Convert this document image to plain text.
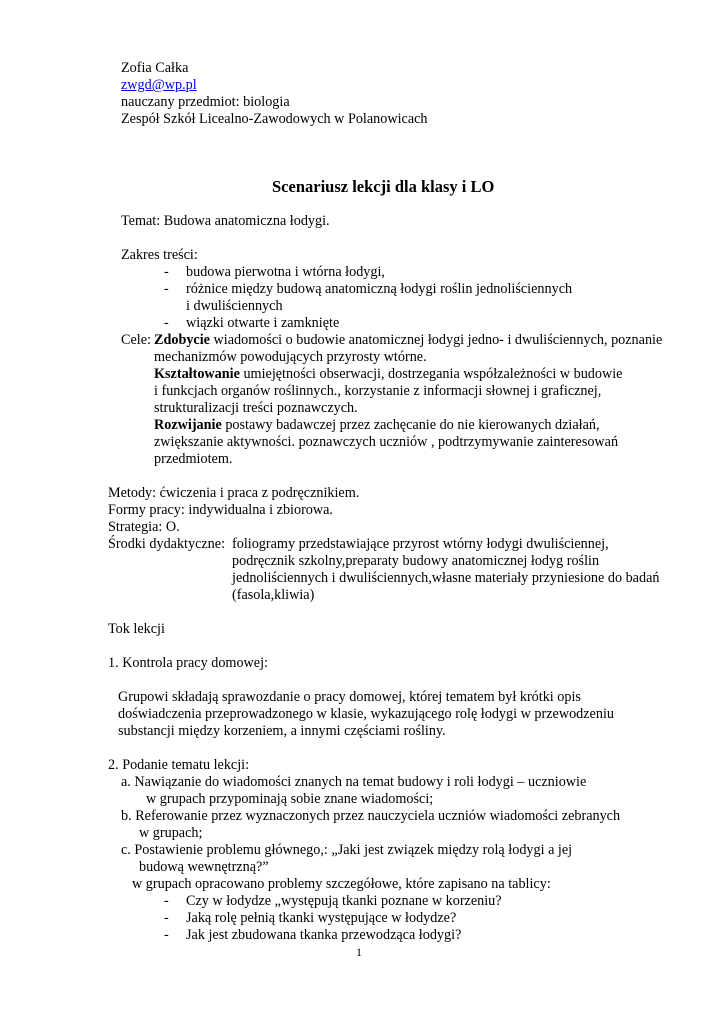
Zofia Całka
zwgd@wp.pl
nauczany przedmiot: biologia
Zespół Szkół Licealno-Zawodowych w Polanowicach
Scenariusz lekcji dla klasy i LO
Temat: Budowa anatomiczna łodygi.
Zakres treści:
- budowa pierwotna i wtórna łodygi,
- różnice między budową anatomiczną łodygi roślin jednoliściennych
i dwuliściennych
- wiązki otwarte i zamknięte
Cele: Zdobycie wiadomości o budowie anatomicznej łodygi jedno- i dwuliściennych, poznanie
mechanizmów powodujących przyrosty wtórne.
Kształtowanie umiejętności obserwacji, dostrzegania współzależności w budowie
i funkcjach organów roślinnych., korzystanie z informacji słownej i graficznej,
strukturalizacji treści poznawczych.
Rozwijanie postawy badawczej przez zachęcanie do nie kierowanych działań,
zwiększanie aktywności. poznawczych uczniów , podtrzymywanie zainteresowań
przedmiotem.
Metody: ćwiczenia i praca z podręcznikiem.
Formy pracy: indywidualna i zbiorowa.
Strategia: O.
Środki dydaktyczne: foliogramy przedstawiające przyrost wtórny łodygi dwuliściennej,
podręcznik szkolny,preparaty budowy anatomicznej łodyg roślin
jednoliściennych i dwuliściennych,własne materiały przyniesione do badań
(fasola,kliwia)
Tok lekcji
1. Kontrola pracy domowej:
Grupowi składają sprawozdanie o pracy domowej, której tematem był krótki opis
doświadczenia przeprowadzonego w klasie, wykazującego rolę łodygi w przewodzeniu
substancji między korzeniem, a innymi częściami rośliny.
2. Podanie tematu lekcji:
a. Nawiązanie do wiadomości znanych na temat budowy i roli łodygi – uczniowie
w grupach przypominają sobie znane wiadomości;
b. Referowanie przez wyznaczonych przez nauczyciela uczniów wiadomości zebranych
w grupach;
c. Postawienie problemu głównego,: „Jaki jest związek między rolą łodygi a jej
budową wewnętrzną?”
w grupach opracowano problemy szczegółowe, które zapisano na tablicy:
- Czy w łodydze „występują tkanki poznane w korzeniu?
- Jaką rolę pełnią tkanki występujące w łodydze?
- Jak jest zbudowana tkanka przewodząca łodygi?
1
